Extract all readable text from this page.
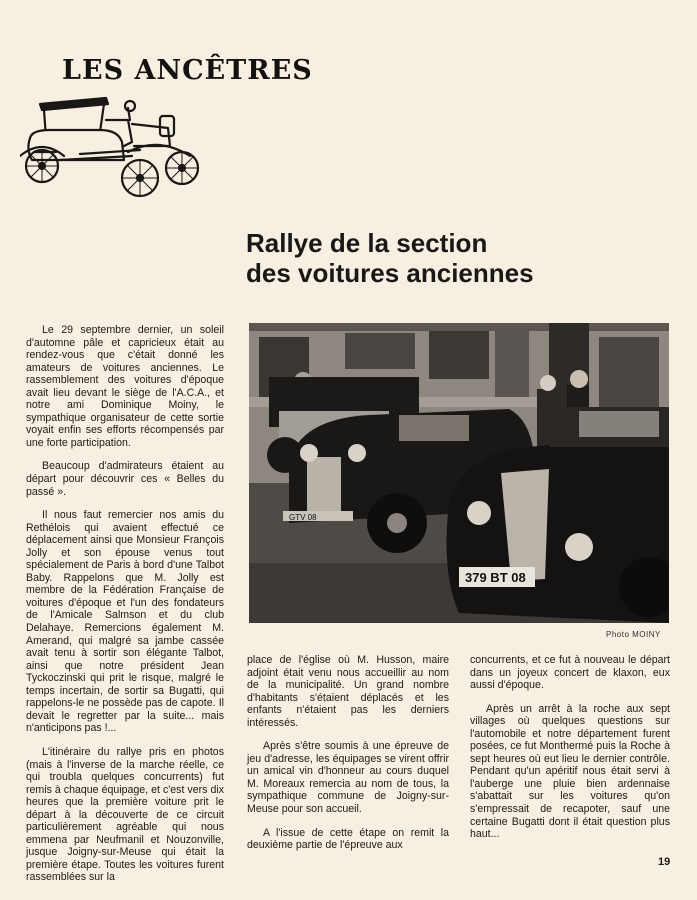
LES ANCÊTRES
Rallye de la section
des voitures anciennes
GTV 08
379 BT 08
Photo MOINY

Le 29 septembre dernier, un soleil d'automne pâle et capricieux était au rendez-vous que c'était donné les amateurs de voitures anciennes. Le rassemblement des voitures d'époque avait lieu devant le siège de l'A.C.A., et notre ami Dominique Moiny, le sympathique organisateur de cette sortie voyait enfin ses efforts récompensés par une forte participation.

Beaucoup d'admirateurs étaient au départ pour découvrir ces « Belles du passé ».

Il nous faut remercier nos amis du Rethélois qui avaient effectué ce déplacement ainsi que Monsieur François Jolly et son épouse venus tout spécialement de Paris à bord d'une Talbot Baby. Rappelons que M. Jolly est membre de la Fédération Française de voitures d'époque et l'un des fondateurs de l'Amicale Salmson et du club Delahaye. Remercions également M. Amerand, qui malgré sa jambe cassée avait tenu à sortir son élégante Talbot, ainsi que notre président Jean Tyckoczinski qui prit le risque, malgré le temps incertain, de sortir sa Bugatti, qui rappelons-le ne possède pas de capote. Il devait le regretter par la suite... mais n'anticipons pas !...

L'itinéraire du rallye pris en photos (mais à l'inverse de la marche réelle, ce qui troubla quelques concurrents) fut remis à chaque équipage, et c'est vers dix heures que la première voiture prit le départ à la découverte de ce circuit particulièrement agréable qui nous emmena par Neufmanil et Nouzonville, jusque Joigny-sur-Meuse qui était la première étape. Toutes les voitures furent rassemblées sur la

place de l'église où M. Husson, maire adjoint était venu nous accueillir au nom de la municipalité. Un grand nombre d'habitants s'étaient déplacés et les enfants n'étaient pas les derniers intéressés.

Après s'être soumis à une épreuve de jeu d'adresse, les équipages se virent offrir un amical vin d'honneur au cours duquel M. Moreaux remercia au nom de tous, la sympathique commune de Joigny-sur-Meuse pour son accueil.

A l'issue de cette étape on remit la deuxième partie de l'épreuve aux

concurrents, et ce fut à nouveau le départ dans un joyeux concert de klaxon, eux aussi d'époque.

Après un arrêt à la roche aux sept villages où quelques questions sur l'automobile et notre département furent posées, ce fut Monthermé puis la Roche à sept heures où eut lieu le dernier contrôle. Pendant qu'un apéritif nous était servi à l'auberge une pluie bien ardennaise s'abattait sur les voitures qu'on s'empressait de recapoter, sauf une certaine Bugatti dont il était question plus haut...

19
